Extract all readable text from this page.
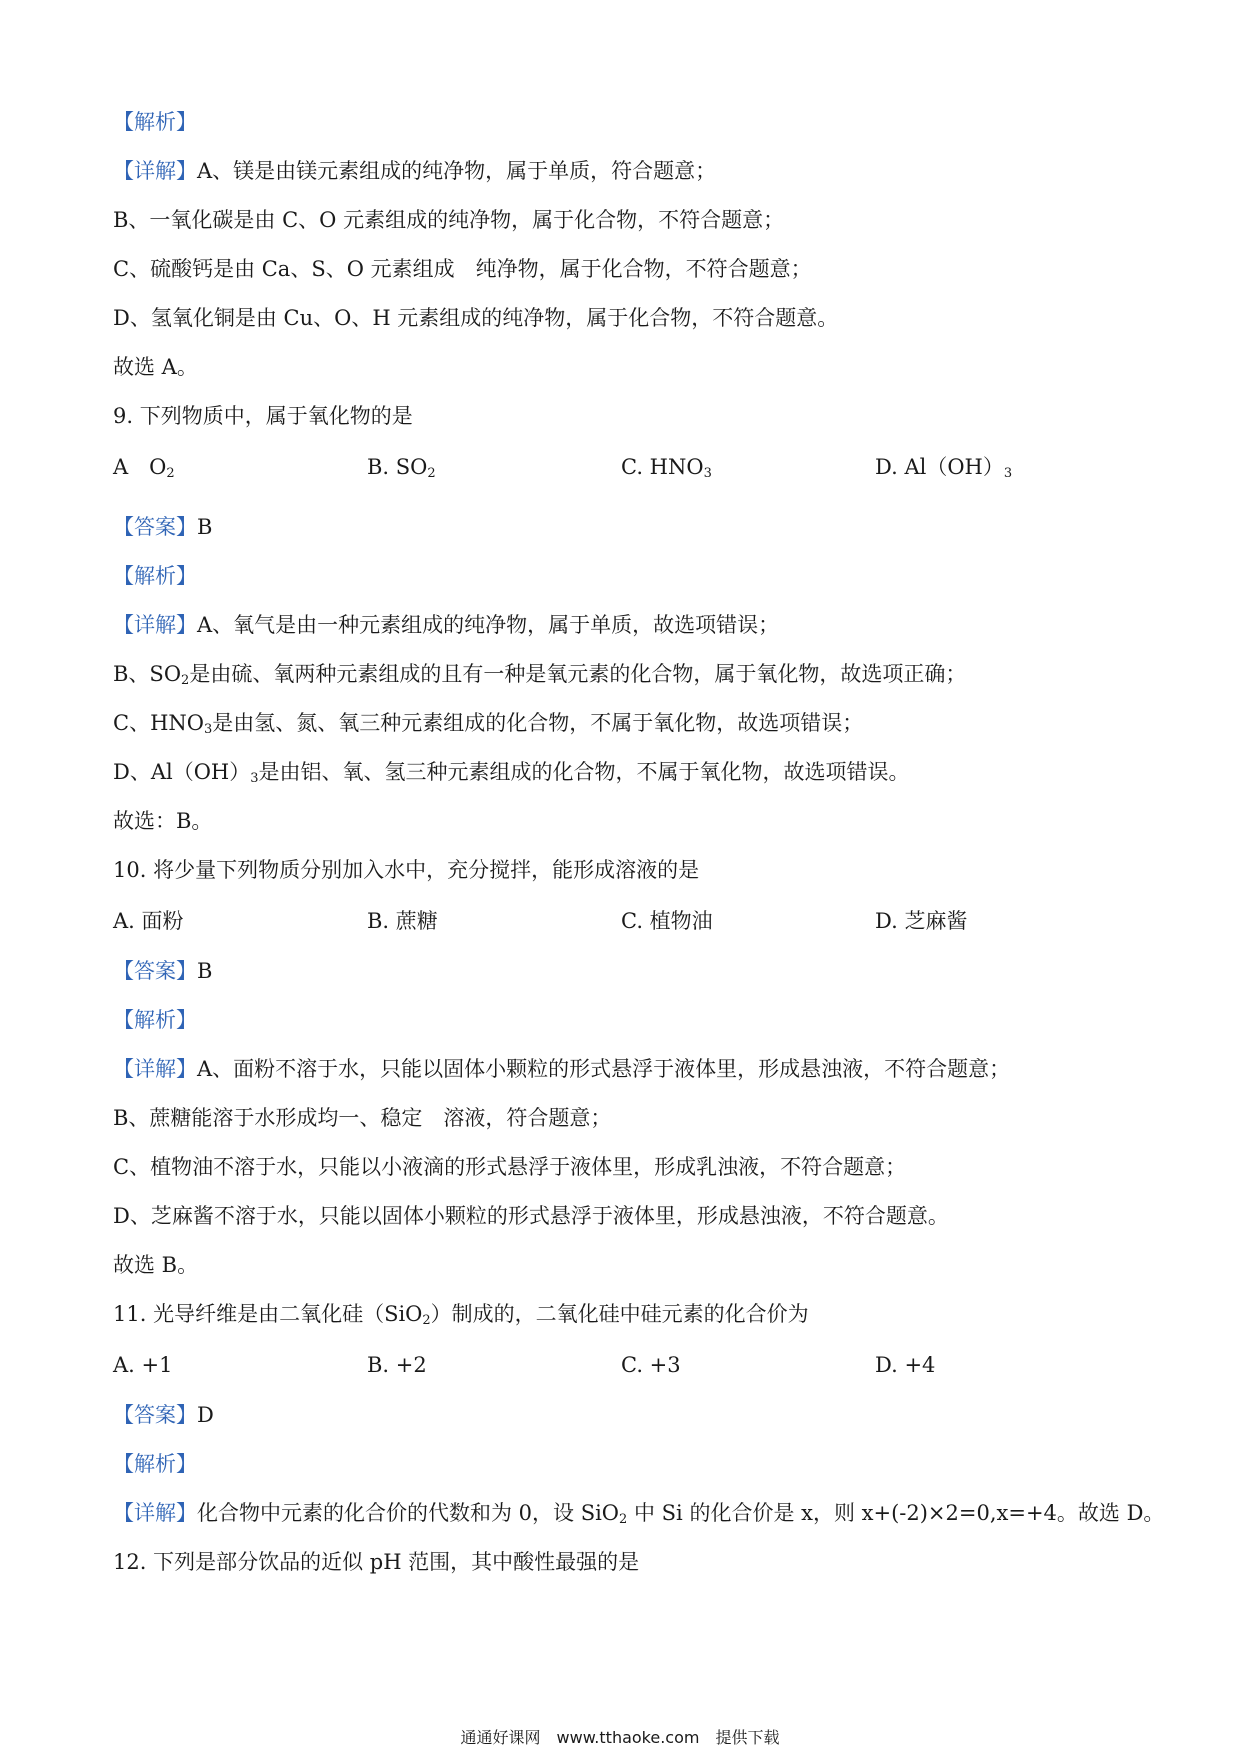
【解析】
【详解】A、镁是由镁元素组成的纯净物，属于单质，符合题意；
B、一氧化碳是由 C、O 元素组成的纯净物，属于化合物，不符合题意；
C、硫酸钙是由 Ca、S、O 元素组成　纯净物，属于化合物，不符合题意；
D、氢氧化铜是由 Cu、O、H 元素组成的纯净物，属于化合物，不符合题意。
故选 A。
9. 下列物质中，属于氧化物的是
A　$O_2$	B. $SO_2$	C. $HNO_3$	D. $Al(OH)_3$
【答案】B
【解析】
【详解】A、氧气是由一种元素组成的纯净物，属于单质，故选项错误；
B、$SO_2$是由硫、氧两种元素组成的且有一种是氧元素的化合物，属于氧化物，故选项正确；
C、$HNO_3$是由氢、氮、氧三种元素组成的化合物，不属于氧化物，故选项错误；
D、$Al(OH)_3$是由铝、氧、氢三种元素组成的化合物，不属于氧化物，故选项错误。
故选：B。
10. 将少量下列物质分别加入水中，充分搅拌，能形成溶液的是
A. 面粉	B. 蔗糖	C. 植物油	D. 芝麻酱
【答案】B
【解析】
【详解】A、面粉不溶于水，只能以固体小颗粒的形式悬浮于液体里，形成悬浊液，不符合题意；
B、蔗糖能溶于水形成均一、稳定　溶液，符合题意；
C、植物油不溶于水，只能以小液滴的形式悬浮于液体里，形成乳浊液，不符合题意；
D、芝麻酱不溶于水，只能以固体小颗粒的形式悬浮于液体里，形成悬浊液，不符合题意。
故选 B。
11. 光导纤维是由二氧化硅（SiO$_2$）制成的，二氧化硅中硅元素的化合价为
A. +1	B. +2	C. +3	D. +4
【答案】D
【解析】
【详解】化合物中元素的化合价的代数和为 0，设 SiO$_2$ 中 Si 的化合价是 x，则 x+(-2)×2=0,x=+4。故选 D。
12. 下列是部分饮品的近似 pH 范围，其中酸性最强的是
通通好课网　www.tthaoke.com　提供下载
